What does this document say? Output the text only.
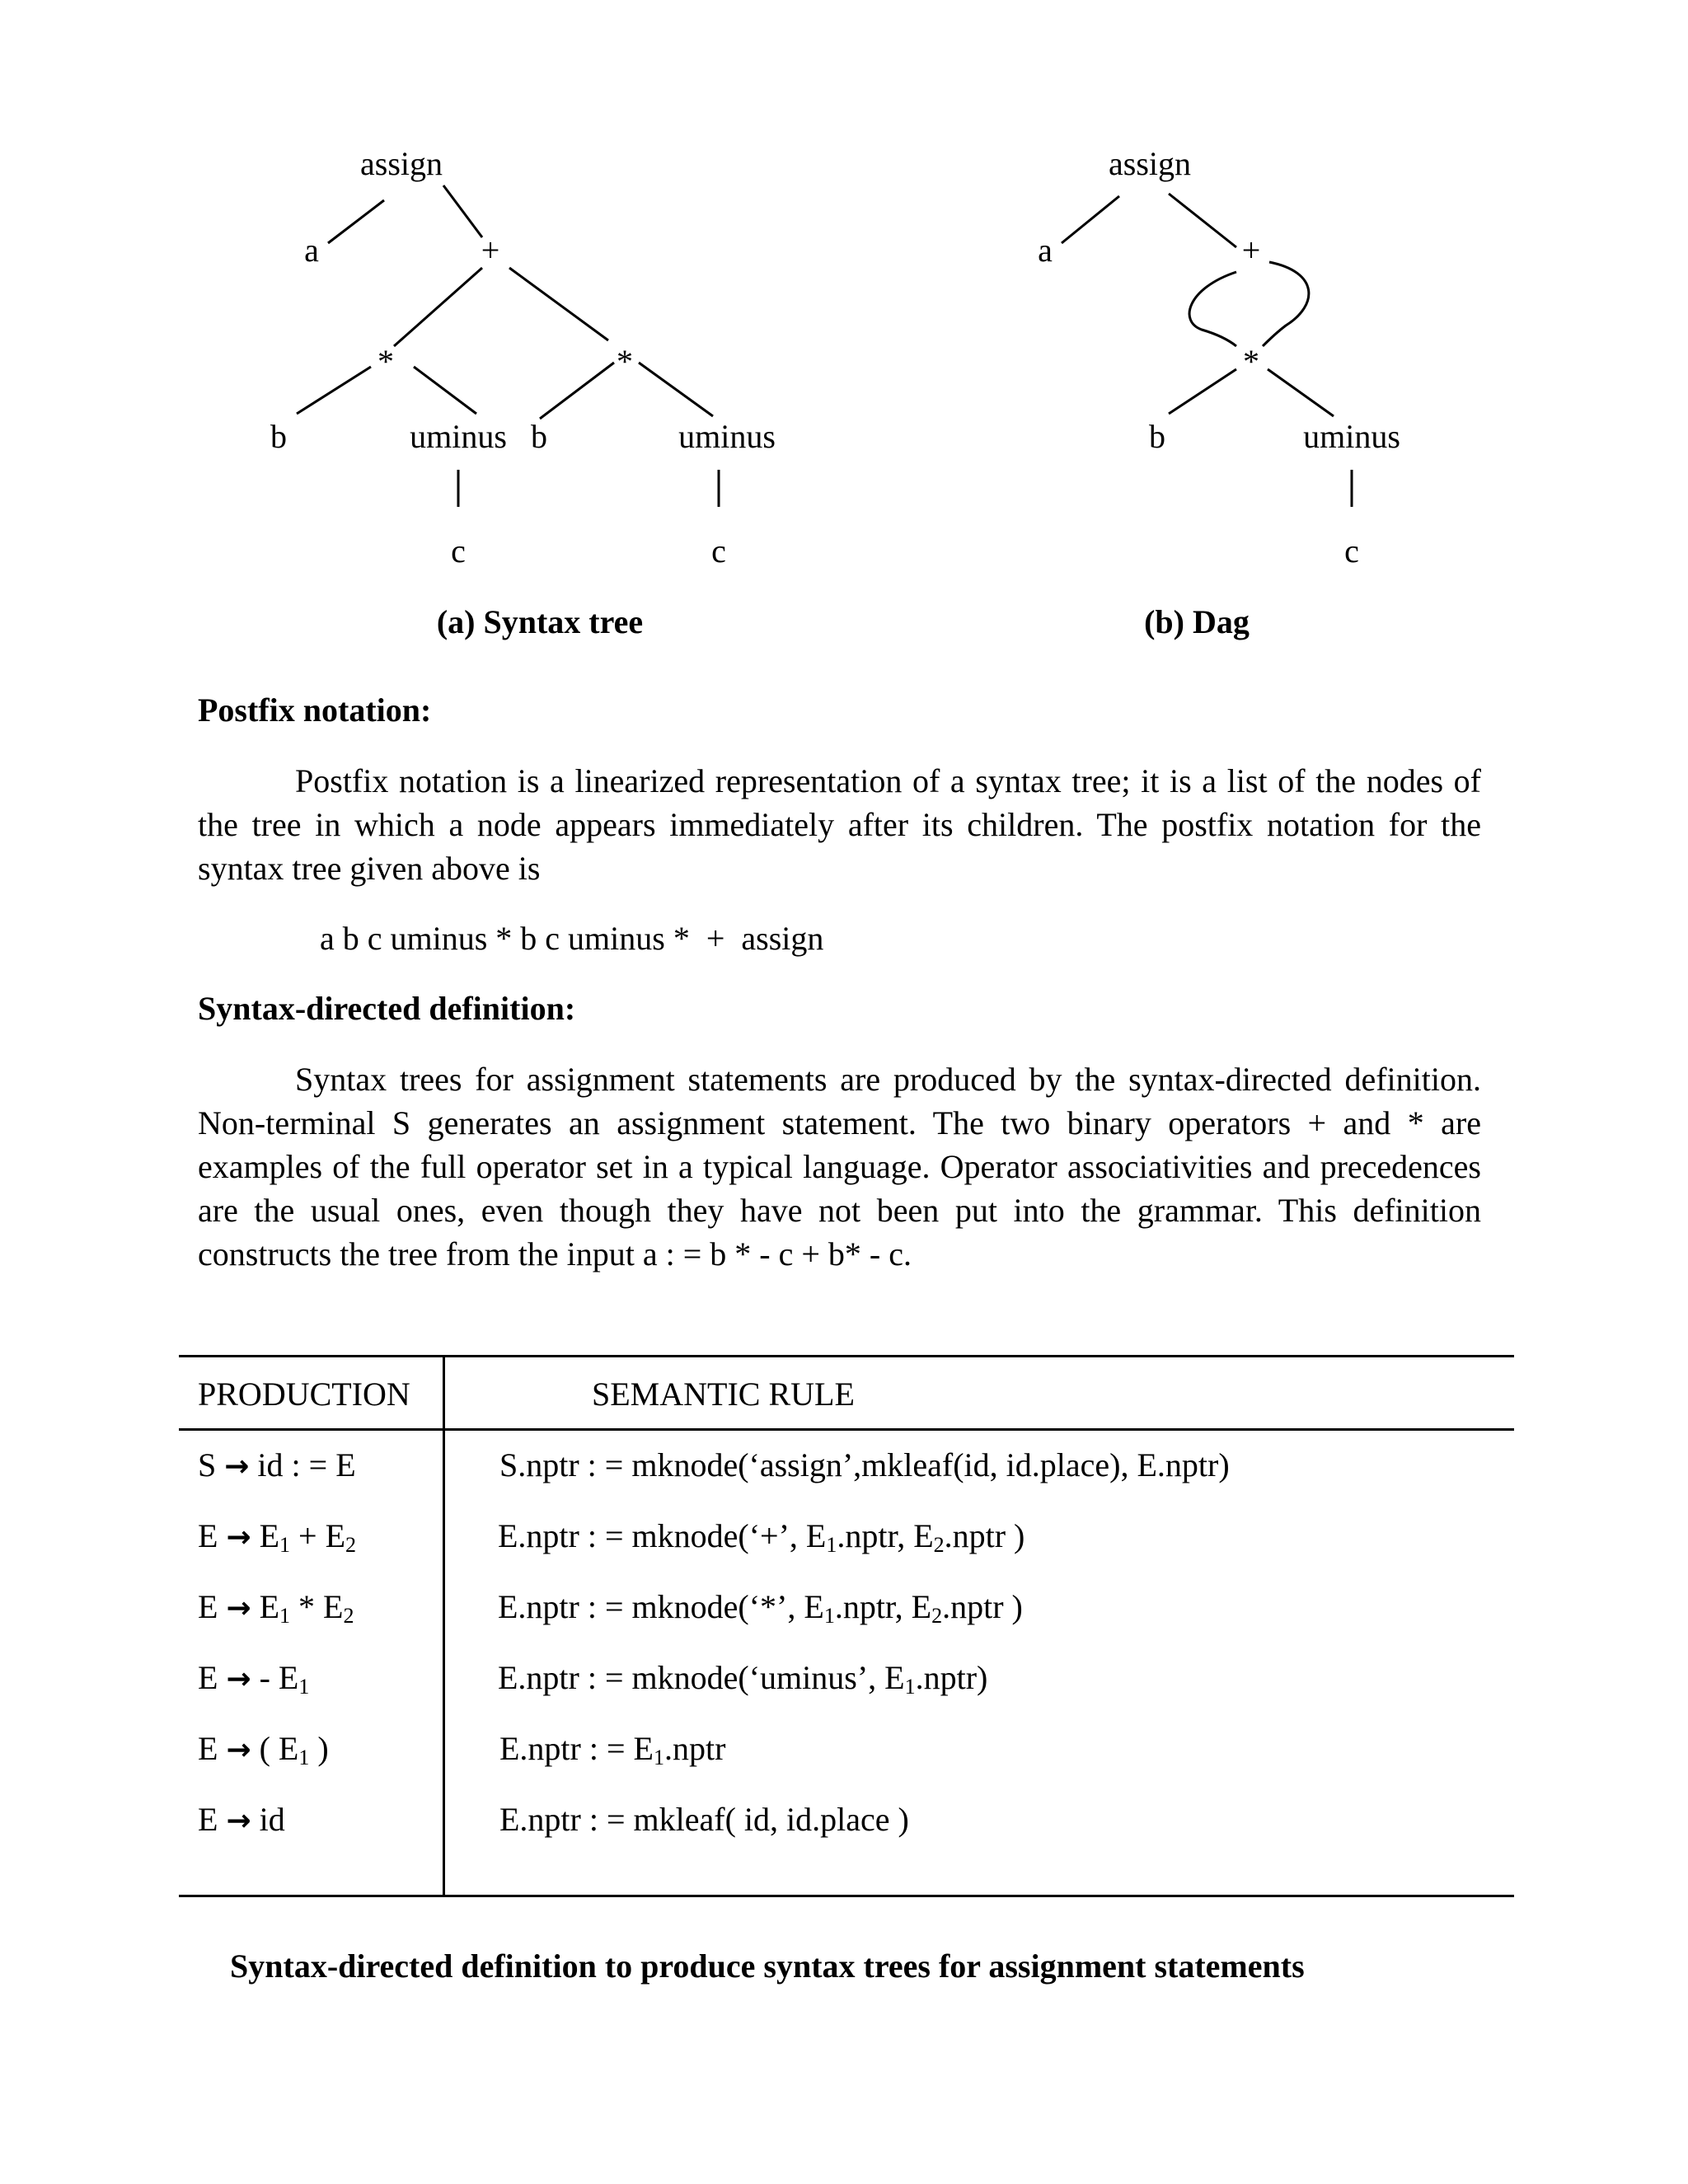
assign
a	+
*	*
b	uminus b	uminus
c	c
(a) Syntax tree
assign
a	+
*
b	uminus
c
(b) Dag
Postfix notation:
Postfix notation is a linearized representation of a syntax tree; it is a list of the nodes of the tree in which a node appears immediately after its children. The postfix notation for the syntax tree given above is
a b c uminus * b c uminus *  +  assign
Syntax-directed definition:
Syntax trees for assignment statements are produced by the syntax-directed definition. Non-terminal S generates an assignment statement. The two binary operators + and * are examples of the full operator set in a typical language. Operator associativities and precedences are the usual ones, even though they have not been put into the grammar. This definition constructs the tree from the input a : = b * - c + b* - c.
PRODUCTION	SEMANTIC RULE
S → id : = E	S.nptr : = mknode(‘assign’,mkleaf(id, id.place), E.nptr)
$E \to E_1 + E_2$	E.nptr : = mknode(‘+’, $E_1.nptr$, $E_2.nptr$ )
$E \to E_1 * E_2$	E.nptr : = mknode(‘*’, $E_1.nptr$, $E_2.nptr$ )
E → - $E_1$	E.nptr : = mknode(‘uminus’, $E_1.nptr$)
E → ( $E_1$ )	E.nptr : = $E_1.nptr$
E → id	E.nptr : = mkleaf( id, id.place )
Syntax-directed definition to produce syntax trees for assignment statements
